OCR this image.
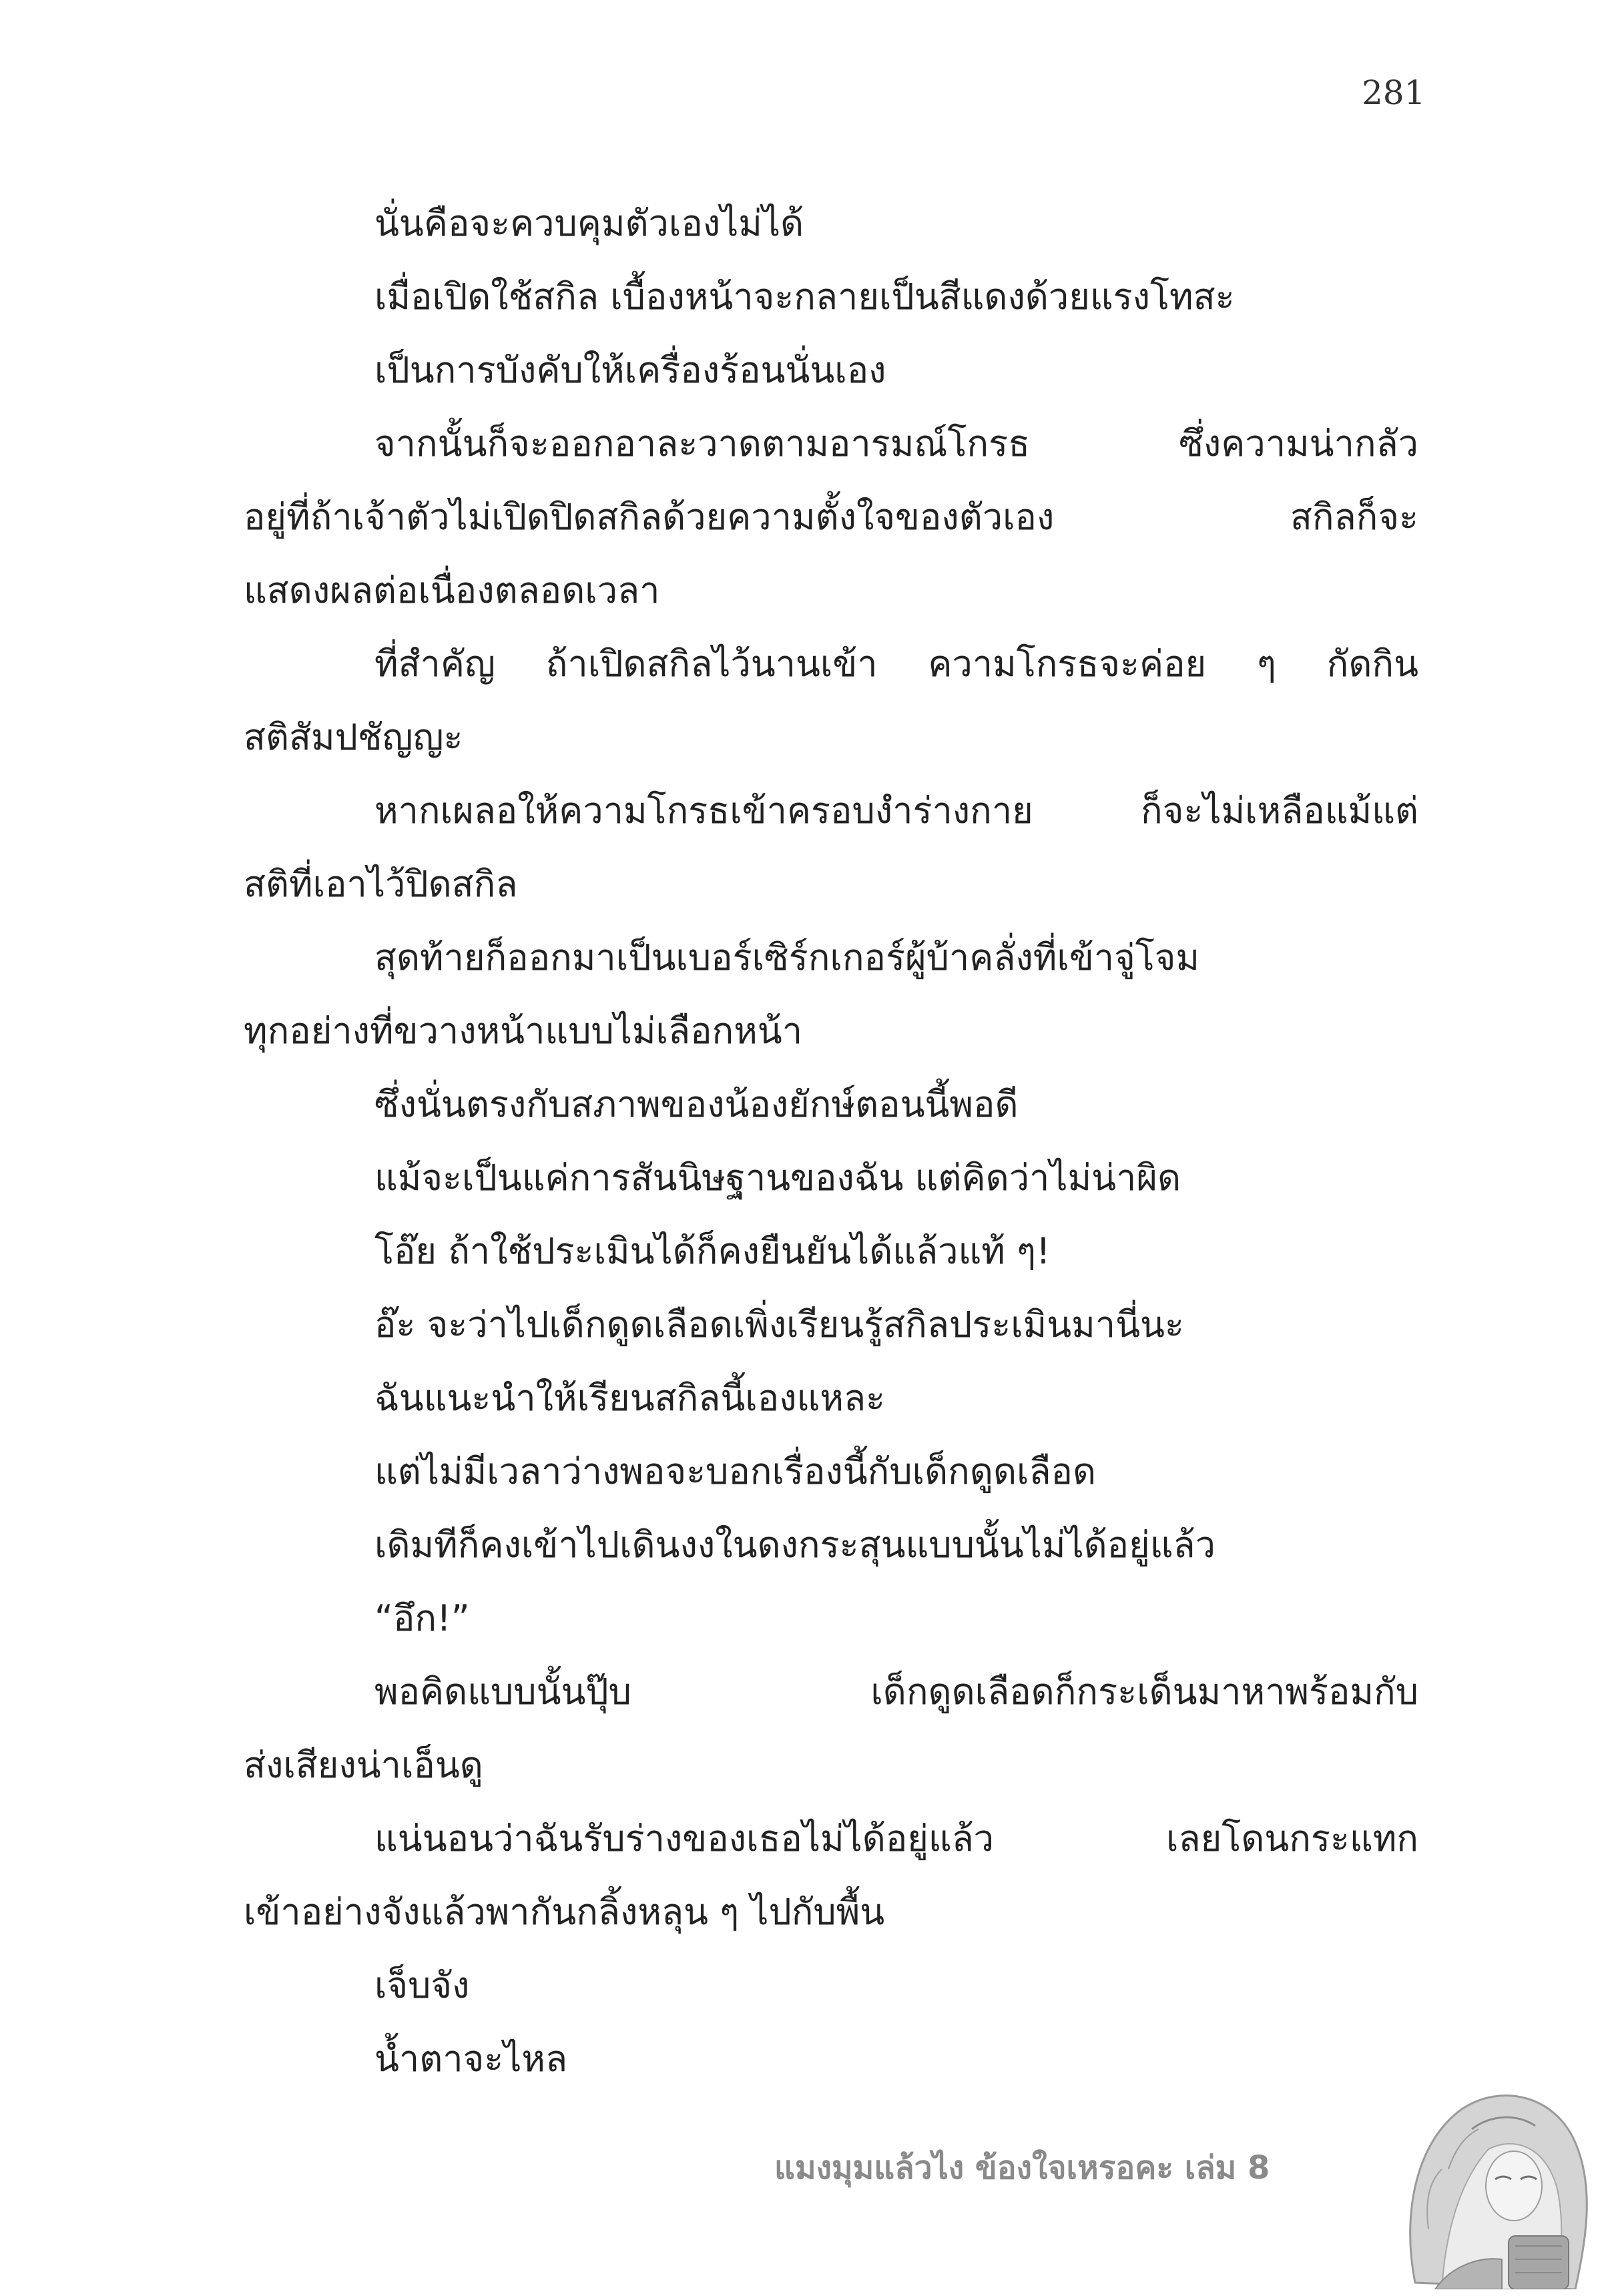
281

นั่นคือจะควบคุมตัวเองไม่ได้

เมื่อเปิดใช้สกิล เบื้องหน้าจะกลายเป็นสีแดงด้วยแรงโทสะ

เป็นการบังคับให้เครื่องร้อนนั่นเอง

จากนั้นก็จะออกอาละวาดตามอารมณ์โกรธ ซึ่งความน่ากลัว

อยู่ที่ถ้าเจ้าตัวไม่เปิดปิดสกิลด้วยความตั้งใจของตัวเอง สกิลก็จะ

แสดงผลต่อเนื่องตลอดเวลา

ที่สำคัญ ถ้าเปิดสกิลไว้นานเข้า ความโกรธจะค่อย ๆ กัดกิน

สติสัมปชัญญะ

หากเผลอให้ความโกรธเข้าครอบงำร่างกาย ก็จะไม่เหลือแม้แต่

สติที่เอาไว้ปิดสกิล

สุดท้ายก็ออกมาเป็นเบอร์เซิร์กเกอร์ผู้บ้าคลั่งที่เข้าจู่โจม

ทุกอย่างที่ขวางหน้าแบบไม่เลือกหน้า

ซึ่งนั่นตรงกับสภาพของน้องยักษ์ตอนนี้พอดี

แม้จะเป็นแค่การสันนิษฐานของฉัน แต่คิดว่าไม่น่าผิด

โอ๊ย ถ้าใช้ประเมินได้ก็คงยืนยันได้แล้วแท้ ๆ!

อ๊ะ จะว่าไปเด็กดูดเลือดเพิ่งเรียนรู้สกิลประเมินมานี่นะ

ฉันแนะนำให้เรียนสกิลนี้เองแหละ

แต่ไม่มีเวลาว่างพอจะบอกเรื่องนี้กับเด็กดูดเลือด

เดิมทีก็คงเข้าไปเดินงงในดงกระสุนแบบนั้นไม่ได้อยู่แล้ว

“อึก!”

พอคิดแบบนั้นปุ๊บ เด็กดูดเลือดก็กระเด็นมาหาพร้อมกับ

ส่งเสียงน่าเอ็นดู

แน่นอนว่าฉันรับร่างของเธอไม่ได้อยู่แล้ว เลยโดนกระแทก

เข้าอย่างจังแล้วพากันกลิ้งหลุน ๆ ไปกับพื้น

เจ็บจัง

น้ำตาจะไหล

แมงมุมแล้วไง ข้องใจเหรอคะ เล่ม 8
